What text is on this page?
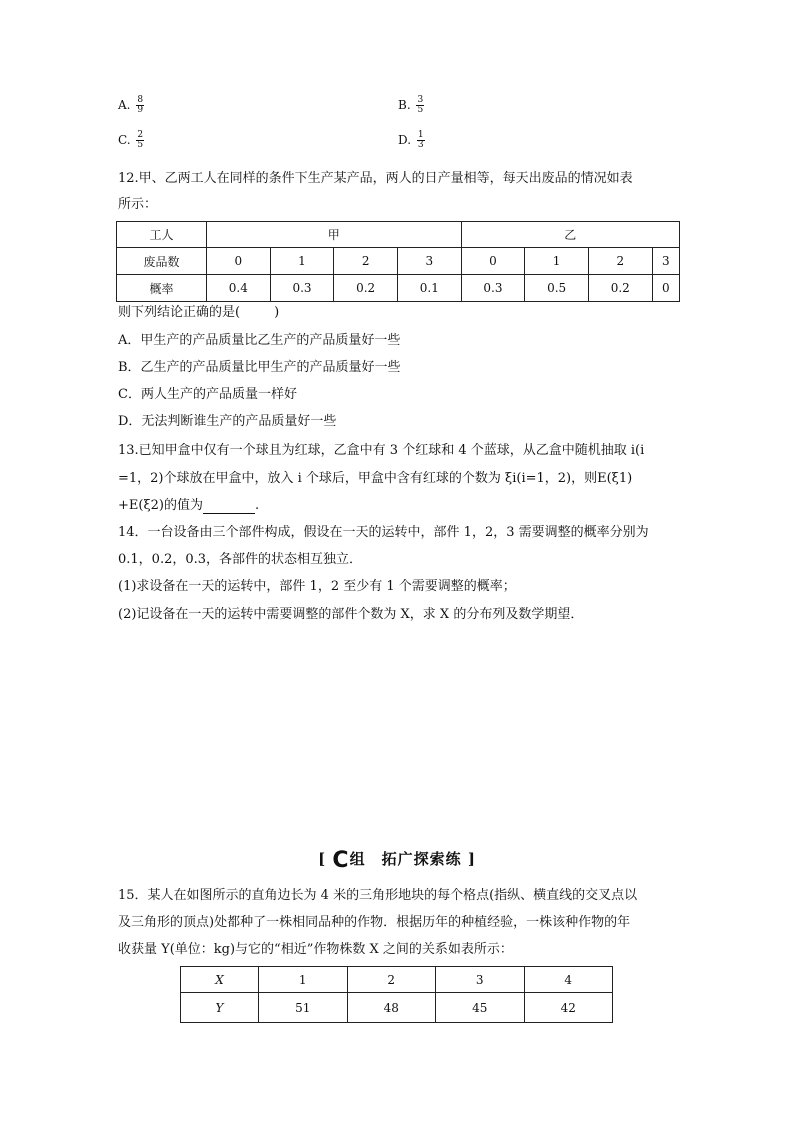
A. $\frac{8}{9}$	B. $\frac{3}{5}$
C. $\frac{2}{5}$	D. $\frac{1}{3}$
12.甲、乙两工人在同样的条件下生产某产品，两人的日产量相等，每天出废品的情况如表
所示：
工人	甲				乙			
废品数	0	1	2	3	0	1	2	3
概率	0.4	0.3	0.2	0.1	0.3	0.5	0.2	0
则下列结论正确的是(	)
A．甲生产的产品质量比乙生产的产品质量好一些
B．乙生产的产品质量比甲生产的产品质量好一些
C．两人生产的产品质量一样好
D．无法判断谁生产的产品质量好一些
13.已知甲盒中仅有一个球且为红球，乙盒中有 3 个红球和 4 个蓝球，从乙盒中随机抽取 i(i
=1，2)个球放在甲盒中，放入 i 个球后，甲盒中含有红球的个数为 ξi(i=1，2)，则E(ξ1)
+E(ξ2)的值为	.
14．一台设备由三个部件构成，假设在一天的运转中，部件 1，2，3 需要调整的概率分别为
0.1，0.2，0.3，各部件的状态相互独立．
(1)求设备在一天的运转中，部件 1，2 至少有 1 个需要调整的概率；
(2)记设备在一天的运转中需要调整的部件个数为 X，求 X 的分布列及数学期望．
[ C组　拓广探索练 ]
15．某人在如图所示的直角边长为 4 米的三角形地块的每个格点(指纵、横直线的交叉点以
及三角形的顶点)处都种了一株相同品种的作物．根据历年的种植经验，一株该种作物的年
收获量 Y(单位：kg)与它的“相近”作物株数 X 之间的关系如表所示：
X	1	2	3	4
Y	51	48	45	42
